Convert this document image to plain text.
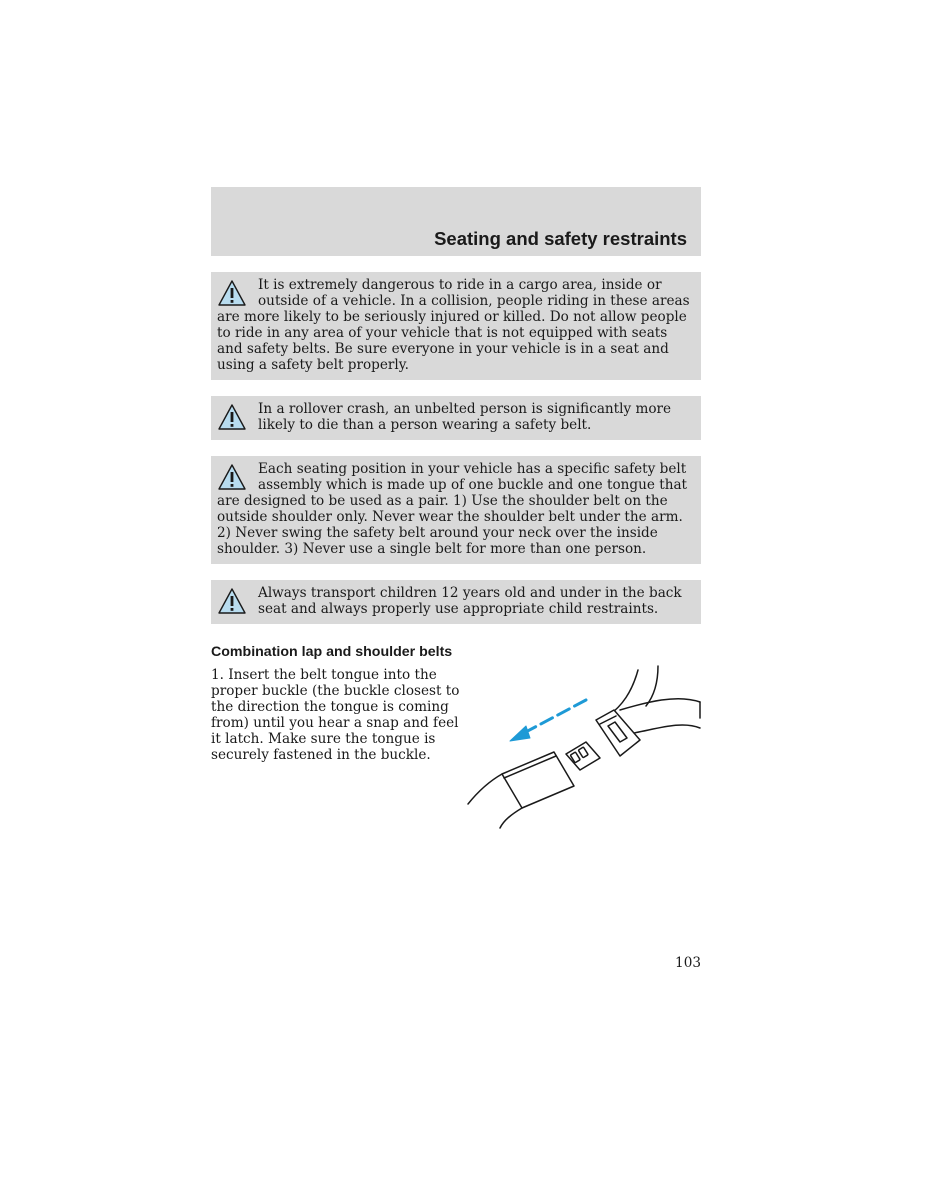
Seating and safety restraints

It is extremely dangerous to ride in a cargo area, inside or outside of a vehicle. In a collision, people riding in these areas are more likely to be seriously injured or killed. Do not allow people to ride in any area of your vehicle that is not equipped with seats and safety belts. Be sure everyone in your vehicle is in a seat and using a safety belt properly.

In a rollover crash, an unbelted person is significantly more likely to die than a person wearing a safety belt.

Each seating position in your vehicle has a specific safety belt assembly which is made up of one buckle and one tongue that are designed to be used as a pair. 1) Use the shoulder belt on the outside shoulder only. Never wear the shoulder belt under the arm. 2) Never swing the safety belt around your neck over the inside shoulder. 3) Never use a single belt for more than one person.

Always transport children 12 years old and under in the back seat and always properly use appropriate child restraints.

Combination lap and shoulder belts

1. Insert the belt tongue into the proper buckle (the buckle closest to the direction the tongue is coming from) until you hear a snap and feel it latch. Make sure the tongue is securely fastened in the buckle.

103
